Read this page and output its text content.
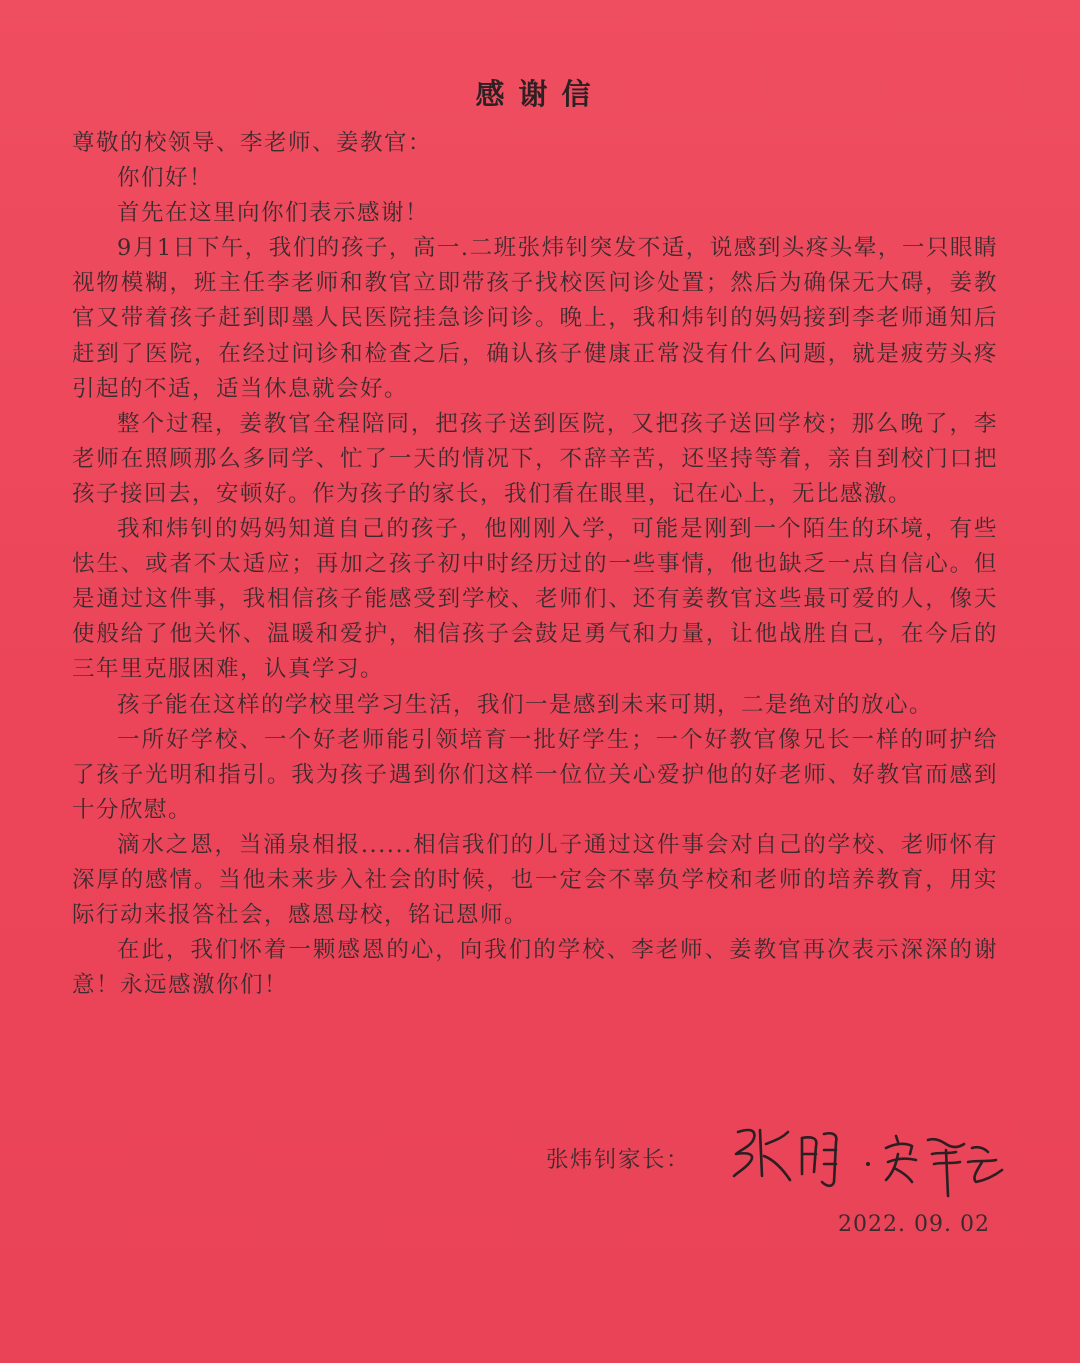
感谢信

尊敬的校领导、李老师、姜教官：

你们好！

首先在这里向你们表示感谢！

9月1日下午，我们的孩子，高一.二班张炜钊突发不适，说感到头疼头晕，一只眼睛视物模糊，班主任李老师和教官立即带孩子找校医问诊处置；然后为确保无大碍，姜教官又带着孩子赶到即墨人民医院挂急诊问诊。晚上，我和炜钊的妈妈接到李老师通知后赶到了医院，在经过问诊和检查之后，确认孩子健康正常没有什么问题，就是疲劳头疼引起的不适，适当休息就会好。

整个过程，姜教官全程陪同，把孩子送到医院，又把孩子送回学校；那么晚了，李老师在照顾那么多同学、忙了一天的情况下，不辞辛苦，还坚持等着，亲自到校门口把孩子接回去，安顿好。作为孩子的家长，我们看在眼里，记在心上，无比感激。

我和炜钊的妈妈知道自己的孩子，他刚刚入学，可能是刚到一个陌生的环境，有些怯生、或者不太适应；再加之孩子初中时经历过的一些事情，他也缺乏一点自信心。但是通过这件事，我相信孩子能感受到学校、老师们、还有姜教官这些最可爱的人，像天使般给了他关怀、温暖和爱护，相信孩子会鼓足勇气和力量，让他战胜自己，在今后的三年里克服困难，认真学习。

孩子能在这样的学校里学习生活，我们一是感到未来可期，二是绝对的放心。

一所好学校、一个好老师能引领培育一批好学生；一个好教官像兄长一样的呵护给了孩子光明和指引。我为孩子遇到你们这样一位位关心爱护他的好老师、好教官而感到十分欣慰。

滴水之恩，当涌泉相报......相信我们的儿子通过这件事会对自己的学校、老师怀有深厚的感情。当他未来步入社会的时候，也一定会不辜负学校和老师的培养教育，用实际行动来报答社会，感恩母校，铭记恩师。

在此，我们怀着一颗感恩的心，向我们的学校、李老师、姜教官再次表示深深的谢意！永远感激你们！

张炜钊家长：
2022. 09. 02
